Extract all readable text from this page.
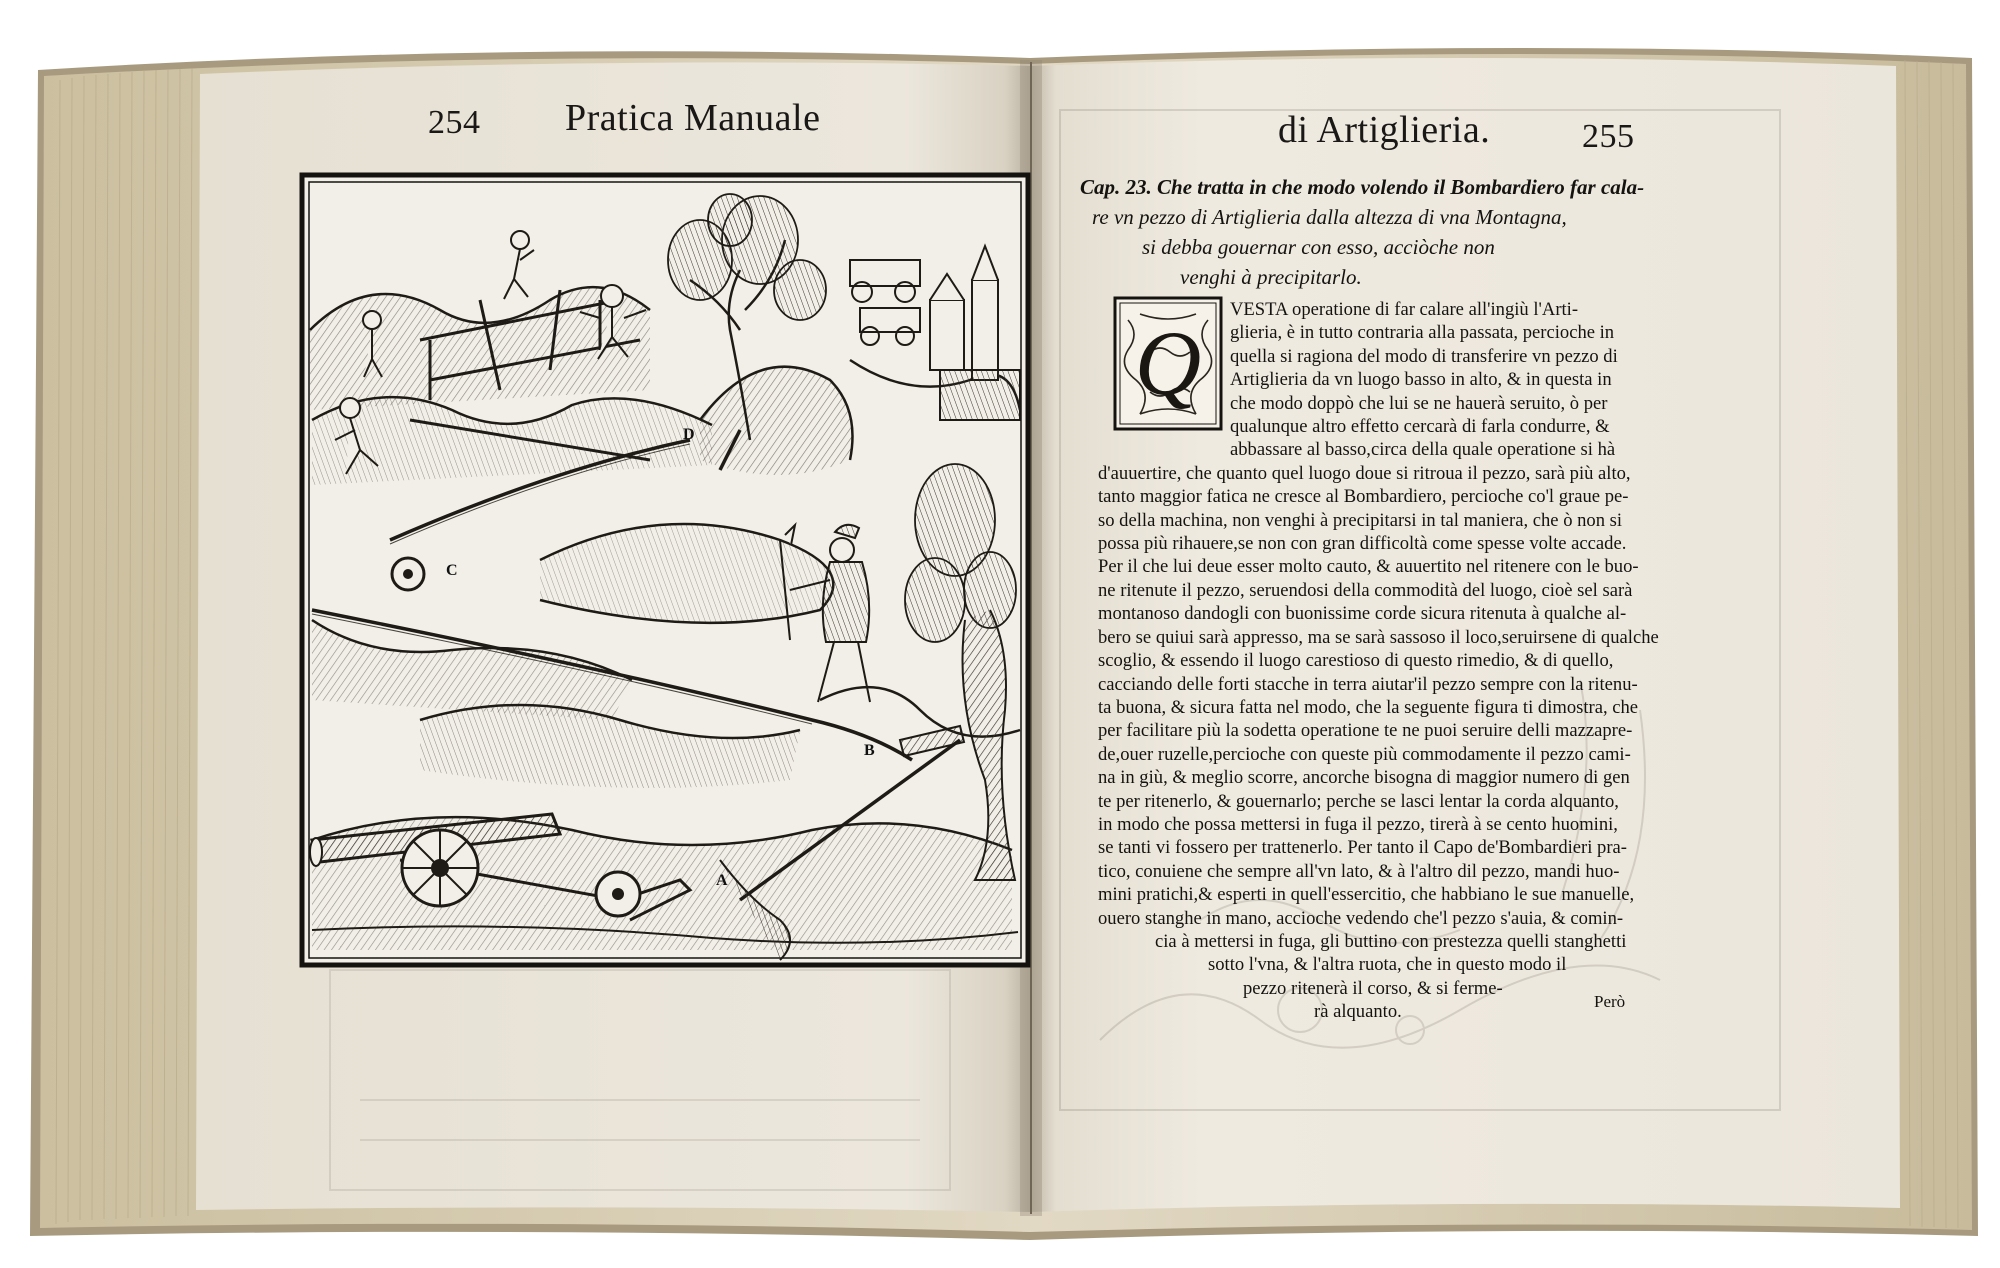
254 Pratica Manuale
A
B
C
D
di Artiglieria.	255
Cap. 23. Che tratta in che modo volendo il Bombardiero far cala-
re vn pezzo di Artiglieria dalla altezza di vna Montagna,
si debba gouernar con esso, acciòche non
venghi à precipitarlo.
Q
VESTA operatione di far calare all'ingiù l'Arti-
glieria, è in tutto contraria alla passata, percioche in
quella si ragiona del modo di transferire vn pezzo di
Artiglieria da vn luogo basso in alto, & in questa in
che modo doppò che lui se ne hauerà seruito, ò per
qualunque altro effetto cercarà di farla condurre, &
abbassare al basso,circa della quale operatione si hà
d'auuertire, che quanto quel luogo doue si ritroua il pezzo, sarà più alto,
tanto maggior fatica ne cresce al Bombardiero, percioche co'l graue pe-
so della machina, non venghi à precipitarsi in tal maniera, che ò non si
possa più rihauere,se non con gran difficoltà come spesse volte accade.
Per il che lui deue esser molto cauto, & auuertito nel ritenere con le buo-
ne ritenute il pezzo, seruendosi della commodità del luogo, cioè sel sarà
montanoso dandogli con buonissime corde sicura ritenuta à qualche al-
bero se quiui sarà appresso, ma se sarà sassoso il loco,seruirsene di qualche
scoglio, & essendo il luogo carestioso di questo rimedio, & di quello,
cacciando delle forti stacche in terra aiutar'il pezzo sempre con la ritenu-
ta buona, & sicura fatta nel modo, che la seguente figura ti dimostra, che
per facilitare più la sodetta operatione te ne puoi seruire delli mazzapre-
de,ouer ruzelle,percioche con queste più commodamente il pezzo cami-
na in giù, & meglio scorre, ancorche bisogna di maggior numero di gen
te per ritenerlo, & gouernarlo; perche se lasci lentar la corda alquanto,
in modo che possa mettersi in fuga il pezzo, tirerà à se cento huomini,
se tanti vi fossero per trattenerlo. Per tanto il Capo de'Bombardieri pra-
tico, conuiene che sempre all'vn lato, & à l'altro dil pezzo, mandi huo-
mini pratichi,& esperti in quell'essercitio, che habbiano le sue manuelle,
ouero stanghe in mano, accioche vedendo che'l pezzo s'auia, & comin-
cia à mettersi in fuga, gli buttino con prestezza quelli stanghetti
sotto l'vna, & l'altra ruota, che in questo modo il
pezzo ritenerà il corso, & si ferme-
rà alquanto.	Però
